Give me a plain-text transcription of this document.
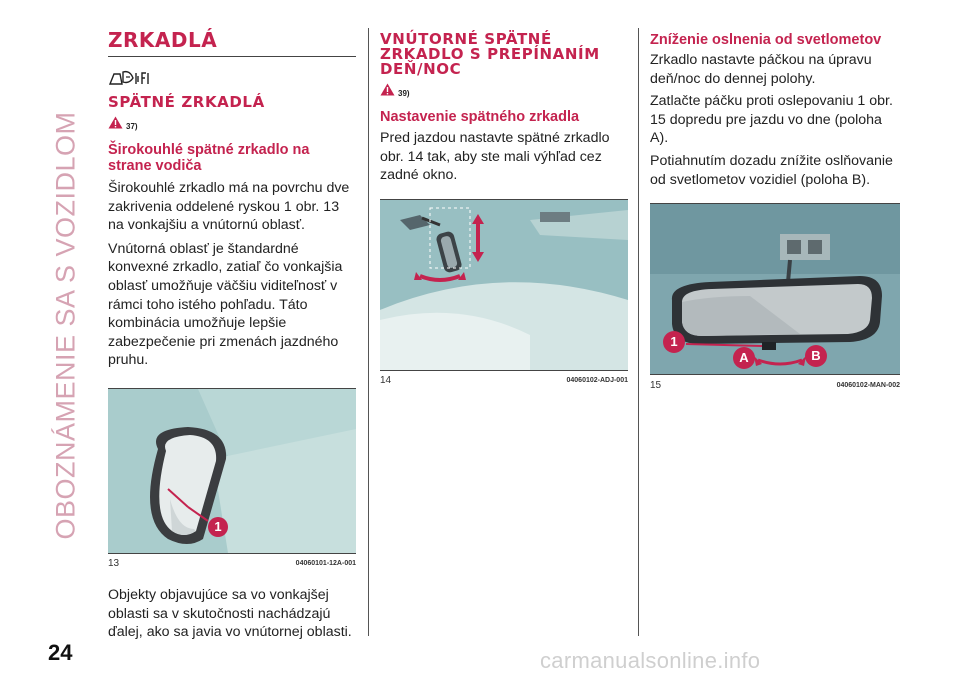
OBOZNÁMENIE SA S VOZIDLOM
ZRKADLÁ
SPÄTNÉ ZRKADLÁ
37)
Širokouhlé spätné zrkadlo na strane vodiča

Širokouhlé zrkadlo má na povrchu dve zakrivenia oddelené ryskou 1 obr. 13 na vonkajšiu a vnútornú oblasť.

Vnútorná oblasť je štandardné konvexné zrkadlo, zatiaľ čo vonkajšia oblasť umožňuje väčšiu viditeľnosť v rámci toho istého pohľadu. Táto kombinácia umožňuje lepšie zabezpečenie pri zmenách jazdného pruhu.

1
13	04060101-12A-001

Objekty objavujúce sa vo vonkajšej oblasti sa v skutočnosti nachádzajú ďalej, ako sa javia vo vnútornej oblasti.

VNÚTORNÉ SPÄTNÉ ZRKADLO S PREPÍNANÍM DEŇ/NOC
39)
Nastavenie spätného zrkadla

Pred jazdou nastavte spätné zrkadlo obr. 14 tak, aby ste mali výhľad cez zadné okno.

14	04060102-ADJ-001
Zníženie oslnenia od svetlometov

Zrkadlo nastavte páčkou na úpravu deň/noc do dennej polohy.

Zatlačte páčku proti oslepovaniu 1 obr. 15 dopredu pre jazdu vo dne (poloha A).

Potiahnutím dozadu znížite oslňovanie od svetlometov vozidiel (poloha B).

1
A	B
15	04060102-MAN-002
24	carmanualsonline.info
